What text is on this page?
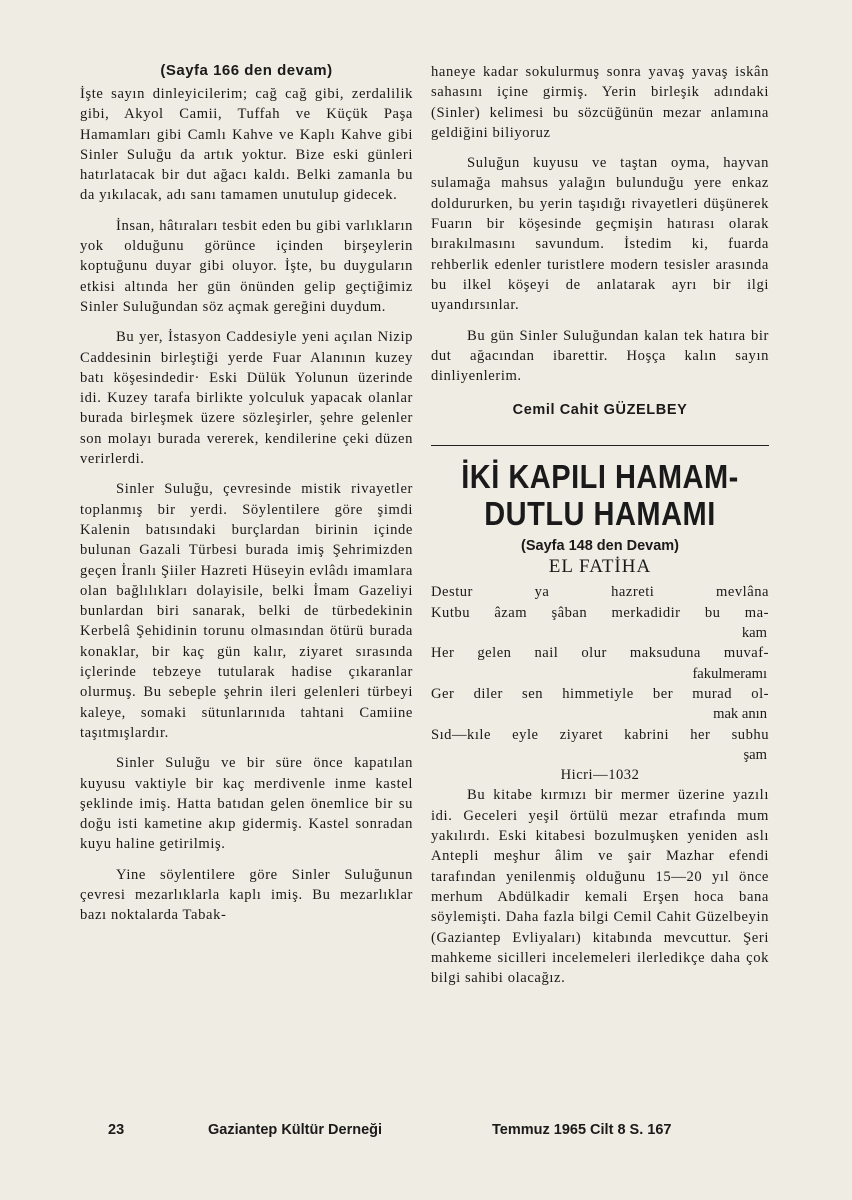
(Sayfa 166 den devam)

İşte sayın dinleyicilerim; cağ cağ gibi, zerdalilik gibi, Akyol Camii, Tuffah ve Küçük Paşa Hamamları gibi Camlı Kahve ve Kaplı Kahve gibi Sinler Suluğu da artık yoktur. Bize eski günleri hatırlatacak bir dut ağacı kaldı. Belki zamanla bu da yıkılacak, adı sanı tamamen unutulup gidecek.

İnsan, hâtıraları tesbit eden bu gibi varlıkların yok olduğunu görünce içinden birşeylerin koptuğunu duyar gibi oluyor. İşte, bu duyguların etkisi altında her gün önünden gelip geçtiğimiz Sinler Suluğundan söz açmak gereğini duydum.

Bu yer, İstasyon Caddesiyle yeni açılan Nizip Caddesinin birleştiği yerde Fuar Alanının kuzey batı köşesindedir· Eski Dülük Yolunun üzerinde idi. Kuzey tarafa birlikte yolculuk yapacak olanlar burada birleşmek üzere sözleşirler, şehre gelenler son molayı burada vererek, kendilerine çeki düzen verirlerdi.

Sinler Suluğu, çevresinde mistik rivayetler toplanmış bir yerdi. Söylentilere göre şimdi Kalenin batısındaki burçlardan birinin içinde bulunan Gazali Türbesi burada imiş Şehrimizden geçen İranlı Şiiler Hazreti Hüseyin evlâdı imamlara olan bağlılıkları dolayisile, belki İmam Gazeliyi bunlardan biri sanarak, belki de türbedekinin Kerbelâ Şehidinin torunu olmasından ötürü burada konaklar, bir kaç gün kalır, ziyaret sırasında içlerinde tebzeye tutularak hadise çıkaranlar olurmuş. Bu sebeple şehrin ileri gelenleri türbeyi kaleye, somaki sütunlarınıda tahtani Camiine taşıtmışlardır.

Sinler Suluğu ve bir süre önce kapatılan kuyusu vaktiyle bir kaç merdivenle inme kastel şeklinde imiş. Hatta batıdan gelen önemlice bir su doğu isti kametine akıp gidermiş. Kastel sonradan kuyu haline getirilmiş.

Yine söylentilere göre Sinler Suluğunun çevresi mezarlıklarla kaplı imiş. Bu mezarlıklar bazı noktalarda Tabak-

haneye kadar sokulurmuş sonra yavaş yavaş iskân sahasını içine girmiş. Yerin birleşik adındaki (Sinler) kelimesi bu sözcüğünün mezar anlamına geldiğini biliyoruz

Suluğun kuyusu ve taştan oyma, hayvan sulamağa mahsus yalağın bulunduğu yere enkaz doldururken, bu yerin taşıdığı rivayetleri düşünerek Fuarın bir köşesinde geçmişin hatırası olarak bırakılmasını savundum. İstedim ki, fuarda rehberlik edenler turistlere modern tesisler arasında bu ilkel köşeyi de anlatarak ayrı bir ilgi uyandırsınlar.

Bu gün Sinler Suluğundan kalan tek hatıra bir dut ağacından ibarettir. Hoşça kalın sayın dinliyenlerim.

Cemil Cahit GÜZELBEY

İKİ KAPILI HAMAM-DUTLU HAMAMI

(Sayfa 148 den Devam)

EL FATİHA

Destur ya hazreti mevlâna

Kutbu âzam şâban merkadidir bu ma-

kam

Her gelen nail olur maksuduna muvaf-

fakulmeramı

Ger diler sen himmetiyle ber murad ol-

mak anın

Sıd—kıle eyle ziyaret kabrini her subhu

şam

Hicri—1032

Bu kitabe kırmızı bir mermer üzerine yazılı idi. Geceleri yeşil örtülü mezar etrafında mum yakılırdı. Eski kitabesi bozulmuşken yeniden aslı Antepli meşhur âlim ve şair Mazhar efendi tarafından yenilenmiş olduğunu 15—20 yıl önce merhum Abdülkadir kemali Erşen hoca bana söylemişti. Daha fazla bilgi Cemil Cahit Güzelbeyin (Gaziantep Evliyaları) kitabında mevcuttur. Şeri mahkeme sicilleri incelemeleri ilerledikçe daha çok bilgi sahibi olacağız.

23	Gaziantep Kültür Derneği	Temmuz 1965 Cilt 8 S. 167
